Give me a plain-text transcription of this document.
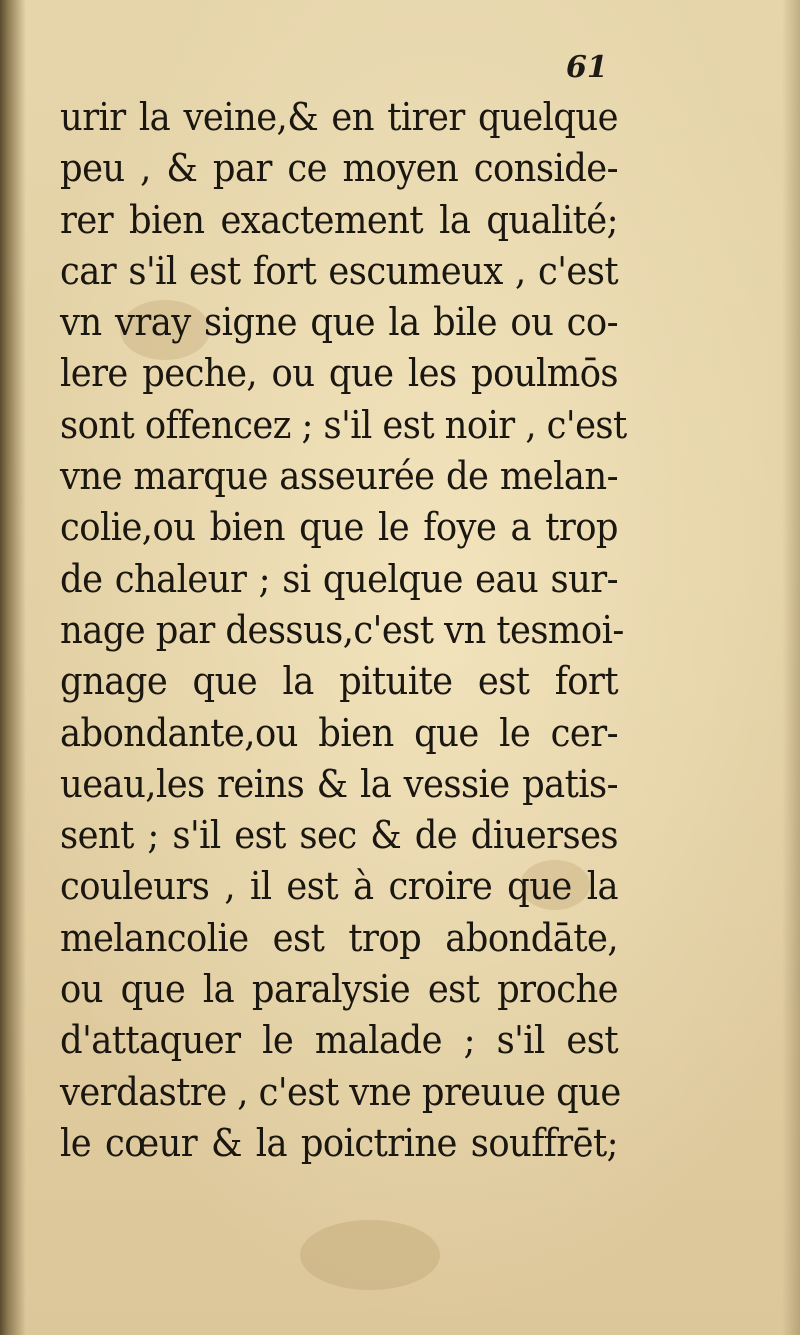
61
urir la veine,& en tirer quelque
peu , & par ce moyen conside-
rer bien exactement la qualité;
car s'il est fort escumeux , c'est
vn vray signe que la bile ou co-
lere peche, ou que les poulmōs
sont offencez ; s'il est noir , c'est
vne marque asseurée de melan-
colie,ou bien que le foye a trop
de chaleur ; si quelque eau sur-
nage par dessus,c'est vn tesmoi-
gnage que la pituite est fort
abondante,ou bien que le cer-
ueau,les reins & la vessie patis-
sent ; s'il est sec & de diuerses
couleurs , il est à croire que la
melancolie est trop abondāte,
ou que la paralysie est proche
d'attaquer le malade ; s'il est
verdastre , c'est vne preuue que
le cœur & la poictrine souffrēt;
